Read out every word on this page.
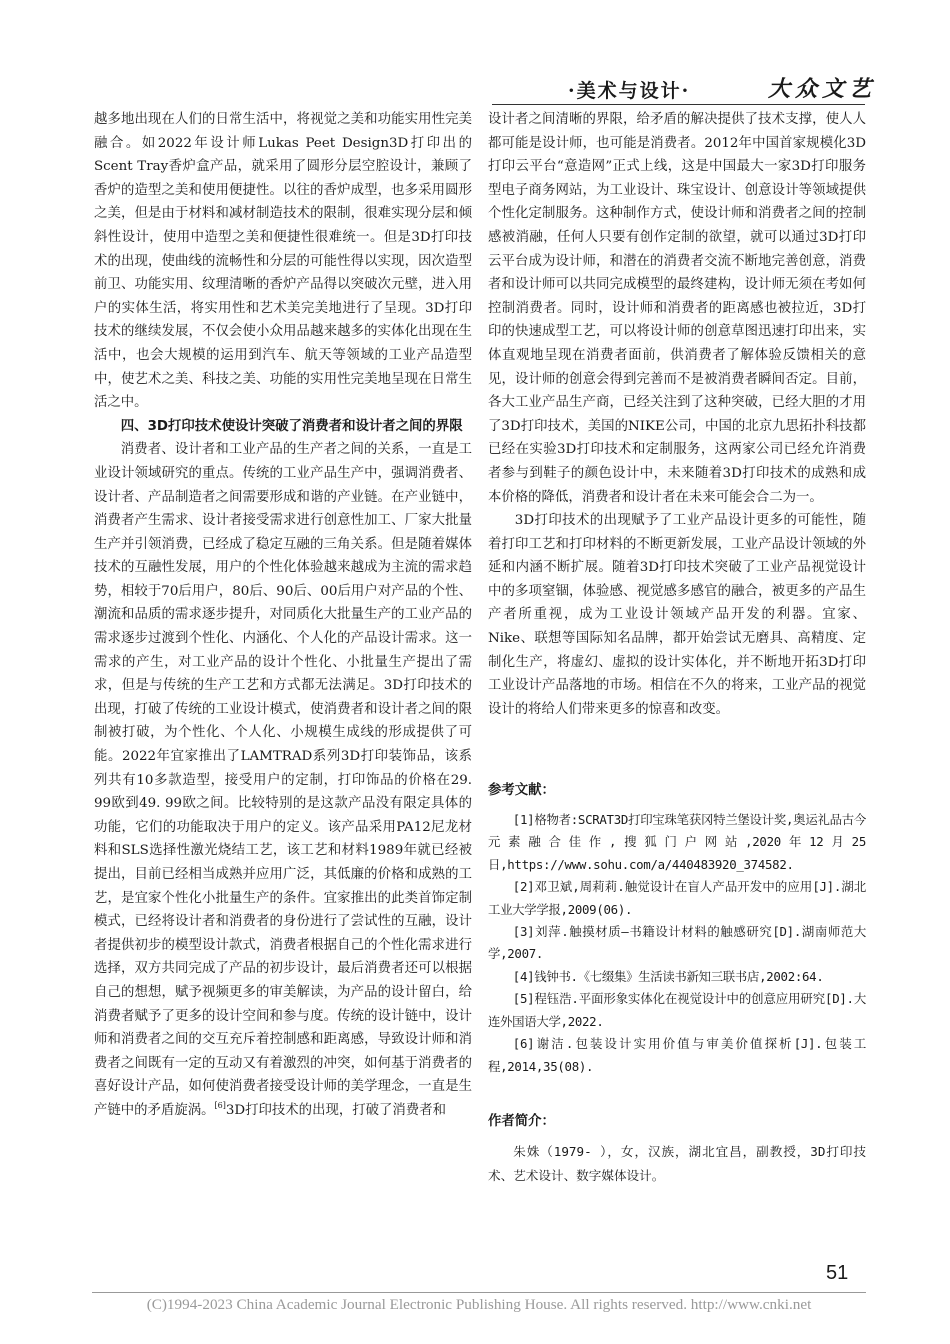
·美术与设计·	大众文艺

越多地出现在人们的日常生活中，将视觉之美和功能实用性完美融合。如2022年设计师Lukas Peet Design3D打印出的Scent Tray香炉盒产品，就采用了圆形分层空腔设计，兼顾了香炉的造型之美和使用便捷性。以往的香炉成型，也多采用圆形之美，但是由于材料和减材制造技术的限制，很难实现分层和倾斜性设计，使用中造型之美和便捷性很难统一。但是3D打印技术的出现，使曲线的流畅性和分层的可能性得以实现，因次造型前卫、功能实用、纹理清晰的香炉产品得以突破次元壁，进入用户的实体生活，将实用性和艺术美完美地进行了呈现。3D打印技术的继续发展，不仅会使小众用品越来越多的实体化出现在生活中，也会大规模的运用到汽车、航天等领域的工业产品造型中，使艺术之美、科技之美、功能的实用性完美地呈现在日常生活之中。

四、3D打印技术使设计突破了消费者和设计者之间的界限

消费者、设计者和工业产品的生产者之间的关系，一直是工业设计领域研究的重点。传统的工业产品生产中，强调消费者、设计者、产品制造者之间需要形成和谐的产业链。在产业链中，消费者产生需求、设计者接受需求进行创意性加工、厂家大批量生产并引领消费，已经成了稳定互融的三角关系。但是随着媒体技术的互融性发展，用户的个性化体验越来越成为主流的需求趋势，相较于70后用户，80后、90后、00后用户对产品的个性、潮流和品质的需求逐步提升，对同质化大批量生产的工业产品的需求逐步过渡到个性化、内涵化、个人化的产品设计需求。这一需求的产生，对工业产品的设计个性化、小批量生产提出了需求，但是与传统的生产工艺和方式都无法满足。3D打印技术的出现，打破了传统的工业设计模式，使消费者和设计者之间的限制被打破，为个性化、个人化、小规模生成线的形成提供了可能。2022年宜家推出了LAMTRAD系列3D打印装饰品，该系列共有10多款造型，接受用户的定制，打印饰品的价格在29. 99欧到49. 99欧之间。比较特别的是这款产品没有限定具体的功能，它们的功能取决于用户的定义。该产品采用PA12尼龙材料和SLS选择性激光烧结工艺，该工艺和材料1989年就已经被提出，目前已经相当成熟并应用广泛，其低廉的价格和成熟的工艺，是宜家个性化小批量生产的条件。宜家推出的此类首饰定制模式，已经将设计者和消费者的身份进行了尝试性的互融，设计者提供初步的模型设计款式，消费者根据自己的个性化需求进行选择，双方共同完成了产品的初步设计，最后消费者还可以根据自己的想想，赋予视频更多的审美解读，为产品的设计留白，给消费者赋予了更多的设计空间和参与度。传统的设计链中，设计师和消费者之间的交互充斥着控制感和距离感，导致设计师和消费者之间既有一定的互动又有着激烈的冲突，如何基于消费者的喜好设计产品，如何使消费者接受设计师的美学理念，一直是生产链中的矛盾旋涡。[6]3D打印技术的出现，打破了消费者和

设计者之间清晰的界限，给矛盾的解决提供了技术支撑，使人人都可能是设计师，也可能是消费者。2012年中国首家规模化3D打印云平台“意造网”正式上线，这是中国最大一家3D打印服务型电子商务网站，为工业设计、珠宝设计、创意设计等领域提供个性化定制服务。这种制作方式，使设计师和消费者之间的控制感被消融，任何人只要有创作定制的欲望，就可以通过3D打印云平台成为设计师，和潜在的消费者交流不断地完善创意，消费者和设计师可以共同完成模型的最终建构，设计师无须在考如何控制消费者。同时，设计师和消费者的距离感也被拉近，3D打印的快速成型工艺，可以将设计师的创意草图迅速打印出来，实体直观地呈现在消费者面前，供消费者了解体验反馈相关的意见，设计师的创意会得到完善而不是被消费者瞬间否定。目前，各大工业产品生产商，已经关注到了这种突破，已经大胆的才用了3D打印技术，美国的NIKE公司，中国的北京九思拓扑科技都已经在实验3D打印技术和定制服务，这两家公司已经允许消费者参与到鞋子的颜色设计中，未来随着3D打印技术的成熟和成本价格的降低，消费者和设计者在未来可能会合二为一。

3D打印技术的出现赋予了工业产品设计更多的可能性，随着打印工艺和打印材料的不断更新发展，工业产品设计领域的外延和内涵不断扩展。随着3D打印技术突破了工业产品视觉设计中的多项窒锢，体验感、视觉感多感官的融合，被更多的产品生产者所重视，成为工业设计领域产品开发的利器。宜家、Nike、联想等国际知名品牌，都开始尝试无磨具、高精度、定制化生产，将虚幻、虚拟的设计实体化，并不断地开拓3D打印工业设计产品落地的市场。相信在不久的将来，工业产品的视觉设计的将给人们带来更多的惊喜和改变。

参考文献：

[1]格物者:SCRAT3D打印宝珠笔获冈特兰堡设计奖,奥运礼品古今元素融合佳作,搜狐门户网站,2020年12月25日,https://www.sohu.com/a/440483920_374582.

[2]邓卫斌,周莉莉.触觉设计在盲人产品开发中的应用[J].湖北工业大学学报,2009(06).

[3]刘萍.触摸材质—书籍设计材料的触感研究[D].湖南师范大学,2007.

[4]钱钟书.《七缀集》生活读书新知三联书店,2002:64.

[5]程钰浩.平面形象实体化在视觉设计中的创意应用研究[D].大连外国语大学,2022.

[6]谢洁.包装设计实用价值与审美价值探析[J].包装工程,2014,35(08).

作者简介：

朱姝（1979- ），女，汉族，湖北宜昌，副教授，3D打印技术、艺术设计、数字媒体设计。

51
(C)1994-2023 China Academic Journal Electronic Publishing House. All rights reserved. http://www.cnki.net
